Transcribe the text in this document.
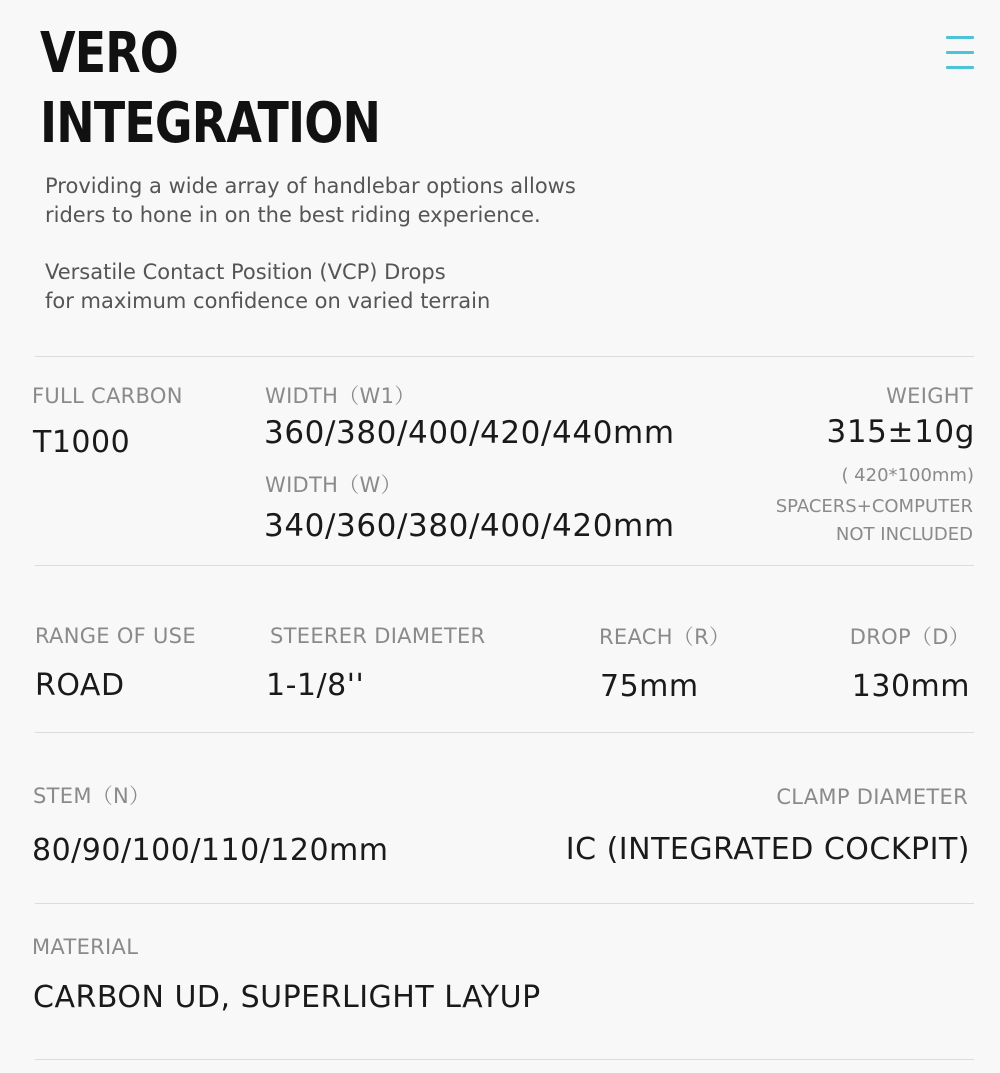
VERO
INTEGRATION
Providing a wide array of handlebar options allows
riders to hone in on the best riding experience.
Versatile Contact Position (VCP) Drops
for maximum confidence on varied terrain
FULL CARBON
T1000
WIDTH（W1）
360/380/400/420/440mm
WIDTH（W）
340/360/380/400/420mm
WEIGHT
315±10g
( 420*100mm)
SPACERS+COMPUTER
NOT INCLUDED
RANGE OF USE
ROAD
STEERER DIAMETER
1-1/8''
REACH（R）
75mm
DROP（D）
130mm
STEM（N）
80/90/100/110/120mm
CLAMP DIAMETER
IC (INTEGRATED COCKPIT)
MATERIAL
CARBON UD, SUPERLIGHT LAYUP
